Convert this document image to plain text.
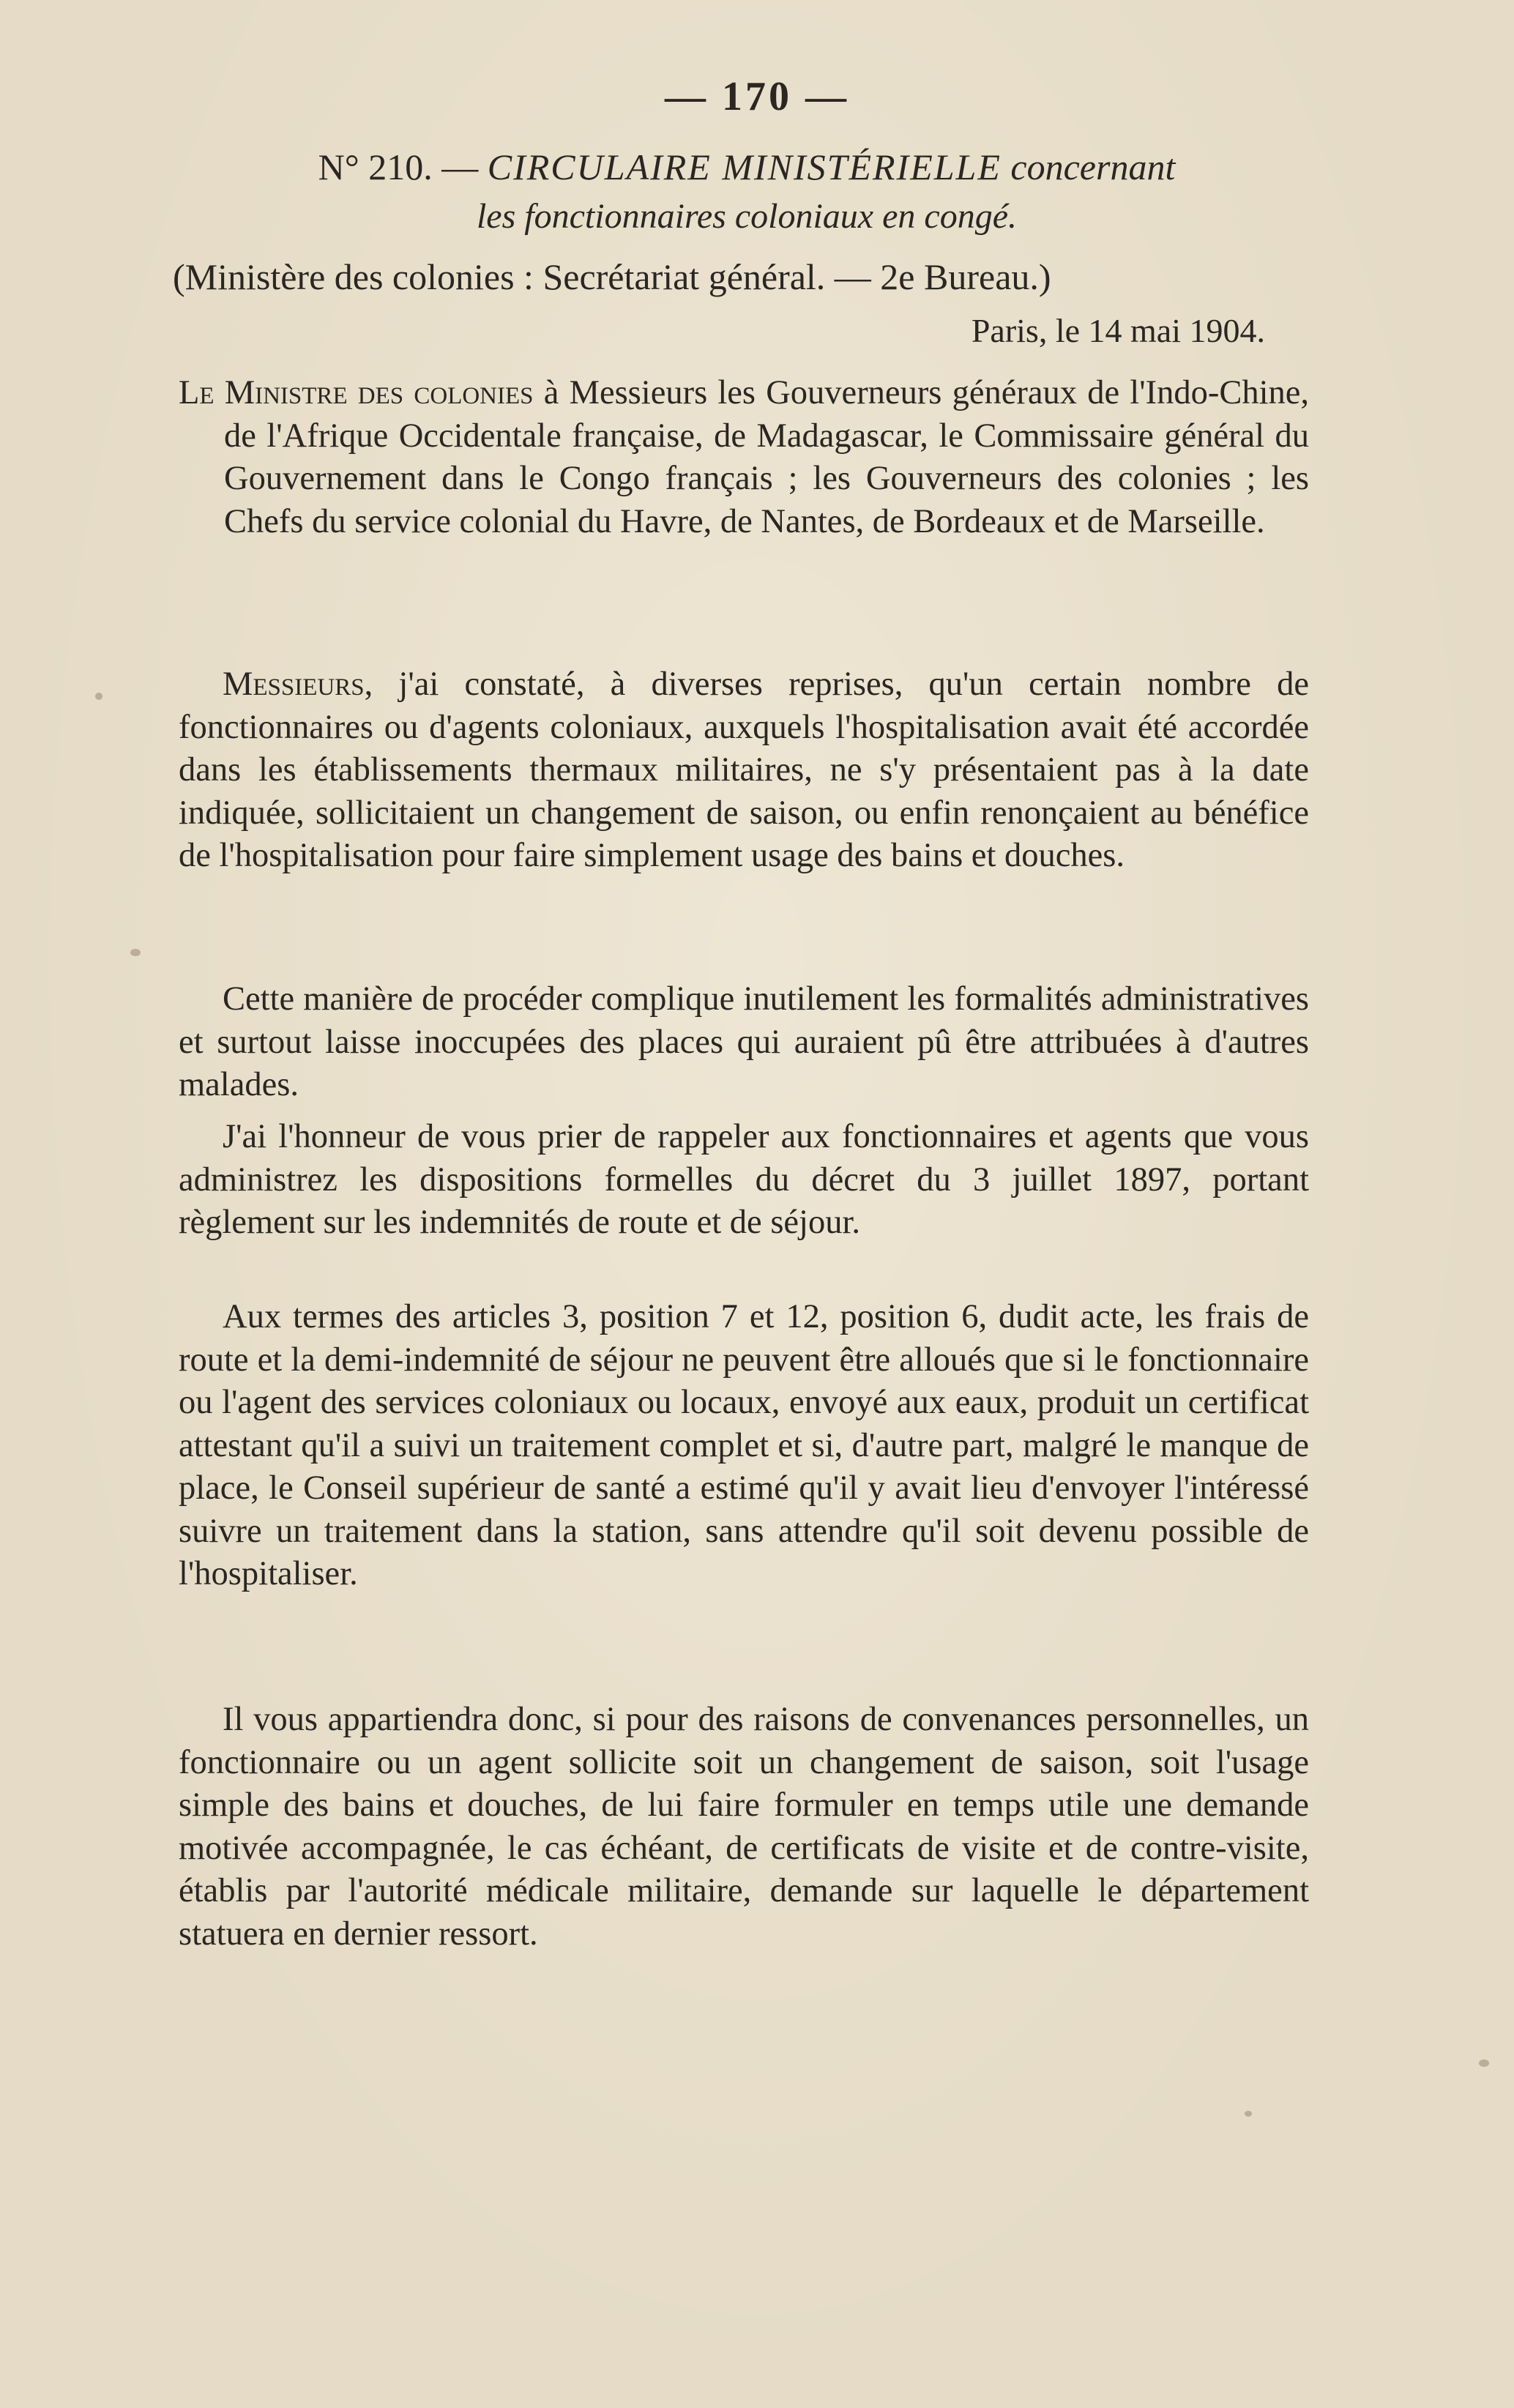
— 170 —
N° 210. — CIRCULAIRE MINISTÉRIELLE concernant
les fonctionnaires coloniaux en congé.
(Ministère des colonies : Secrétariat général. — 2e Bureau.)
Paris, le 14 mai 1904.
Le Ministre des colonies à Messieurs les Gouverneurs généraux de l'Indo-Chine, de l'Afrique Occidentale française, de Madagascar, le Commissaire général du Gouvernement dans le Congo français ; les Gouverneurs des colonies ; les Chefs du service colonial du Havre, de Nantes, de Bordeaux et de Marseille.
Messieurs, j'ai constaté, à diverses reprises, qu'un certain nombre de fonctionnaires ou d'agents coloniaux, auxquels l'hospitalisation avait été accordée dans les établissements thermaux militaires, ne s'y présentaient pas à la date indiquée, sollicitaient un changement de saison, ou enfin renonçaient au bénéfice de l'hospitalisation pour faire simplement usage des bains et douches.
Cette manière de procéder complique inutilement les formalités administratives et surtout laisse inoccupées des places qui auraient pû être attribuées à d'autres malades.
J'ai l'honneur de vous prier de rappeler aux fonctionnaires et agents que vous administrez les dispositions formelles du décret du 3 juillet 1897, portant règlement sur les indemnités de route et de séjour.
Aux termes des articles 3, position 7 et 12, position 6, dudit acte, les frais de route et la demi-indemnité de séjour ne peuvent être alloués que si le fonctionnaire ou l'agent des services coloniaux ou locaux, envoyé aux eaux, produit un certificat attestant qu'il a suivi un traitement complet et si, d'autre part, malgré le manque de place, le Conseil supérieur de santé a estimé qu'il y avait lieu d'envoyer l'intéressé suivre un traitement dans la station, sans attendre qu'il soit devenu possible de l'hospitaliser.
Il vous appartiendra donc, si pour des raisons de convenances personnelles, un fonctionnaire ou un agent sollicite soit un changement de saison, soit l'usage simple des bains et douches, de lui faire formuler en temps utile une demande motivée accompagnée, le cas échéant, de certificats de visite et de contre-visite, établis par l'autorité médicale militaire, demande sur laquelle le département statuera en dernier ressort.
